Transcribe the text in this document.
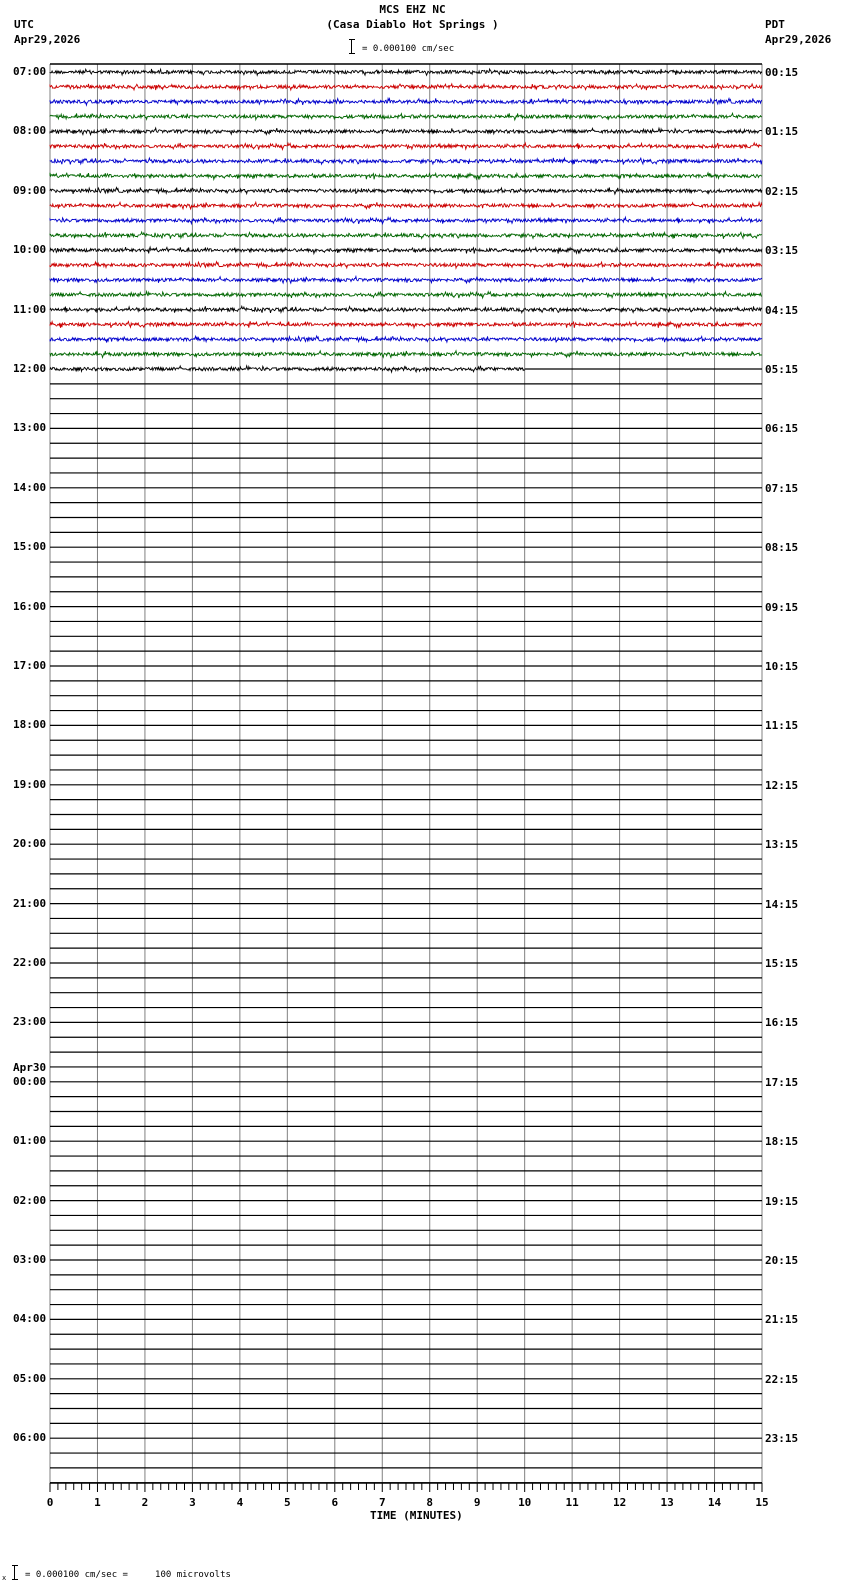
MCS EHZ NC
(Casa Diablo Hot Springs )
UTC
Apr29,2026
PDT
Apr29,2026
= 0.000100 cm/sec
TIME (MINUTES)
x = 0.000100 cm/sec =     100 microvolts
07:00
08:00
09:00
10:00
11:00
12:00
13:00
14:00
15:00
16:00
17:00
18:00
19:00
20:00
21:00
22:00
23:00
00:00
Apr30
01:00
02:00
03:00
04:00
05:00
06:00
00:15
01:15
02:15
03:15
04:15
05:15
06:15
07:15
08:15
09:15
10:15
11:15
12:15
13:15
14:15
15:15
16:15
17:15
18:15
19:15
20:15
21:15
22:15
23:15
0	1	2	3	4	5	6	7	8	9	10	11	12	13	14	15
